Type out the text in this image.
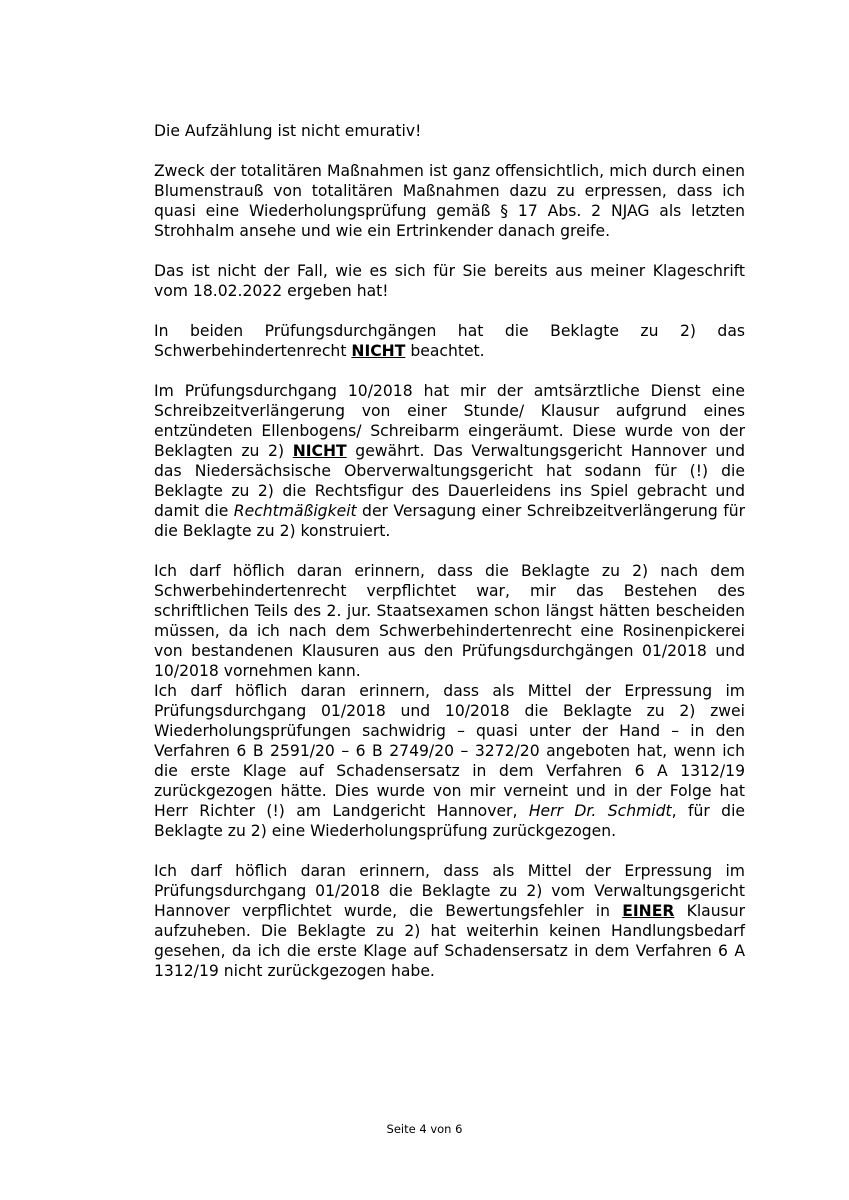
Die Aufzählung ist nicht emurativ!

Zweck der totalitären Maßnahmen ist ganz offensichtlich, mich durch einen Blumenstrauß von totalitären Maßnahmen dazu zu erpressen, dass ich quasi eine Wiederholungsprüfung gemäß § 17 Abs. 2 NJAG als letzten Strohhalm ansehe und wie ein Ertrinkender danach greife.

Das ist nicht der Fall, wie es sich für Sie bereits aus meiner Klageschrift vom 18.02.2022 ergeben hat!

In beiden Prüfungsdurchgängen hat die Beklagte zu 2) das Schwerbehindertenrecht NICHT beachtet.

Im Prüfungsdurchgang 10/2018 hat mir der amtsärztliche Dienst eine Schreibzeitverlängerung von einer Stunde/ Klausur aufgrund eines entzündeten Ellenbogens/ Schreibarm eingeräumt. Diese wurde von der Beklagten zu 2) NICHT gewährt. Das Verwaltungsgericht Hannover und das Niedersächsische Oberverwaltungsgericht hat sodann für (!) die Beklagte zu 2) die Rechtsfigur des Dauerleidens ins Spiel gebracht und damit die Rechtmäßigkeit der Versagung einer Schreibzeitverlängerung für die Beklagte zu 2) konstruiert.

Ich darf höflich daran erinnern, dass die Beklagte zu 2) nach dem Schwerbehindertenrecht verpflichtet war, mir das Bestehen des schriftlichen Teils des 2. jur. Staatsexamen schon längst hätten bescheiden müssen, da ich nach dem Schwerbehindertenrecht eine Rosinenpickerei von bestandenen Klausuren aus den Prüfungsdurchgängen 01/2018 und 10/2018 vornehmen kann.

Ich darf höflich daran erinnern, dass als Mittel der Erpressung im Prüfungsdurchgang 01/2018 und 10/2018 die Beklagte zu 2) zwei Wiederholungsprüfungen sachwidrig – quasi unter der Hand – in den Verfahren 6 B 2591/20 – 6 B 2749/20 – 3272/20 angeboten hat, wenn ich die erste Klage auf Schadensersatz in dem Verfahren 6 A 1312/19 zurückgezogen hätte. Dies wurde von mir verneint und in der Folge hat Herr Richter (!) am Landgericht Hannover, Herr Dr. Schmidt, für die Beklagte zu 2) eine Wiederholungsprüfung zurückgezogen.

Ich darf höflich daran erinnern, dass als Mittel der Erpressung im Prüfungsdurchgang 01/2018 die Beklagte zu 2) vom Verwaltungsgericht Hannover verpflichtet wurde, die Bewertungsfehler in EINER Klausur aufzuheben. Die Beklagte zu 2) hat weiterhin keinen Handlungsbedarf gesehen, da ich die erste Klage auf Schadensersatz in dem Verfahren 6 A 1312/19 nicht zurückgezogen habe.

Seite 4 von 6
